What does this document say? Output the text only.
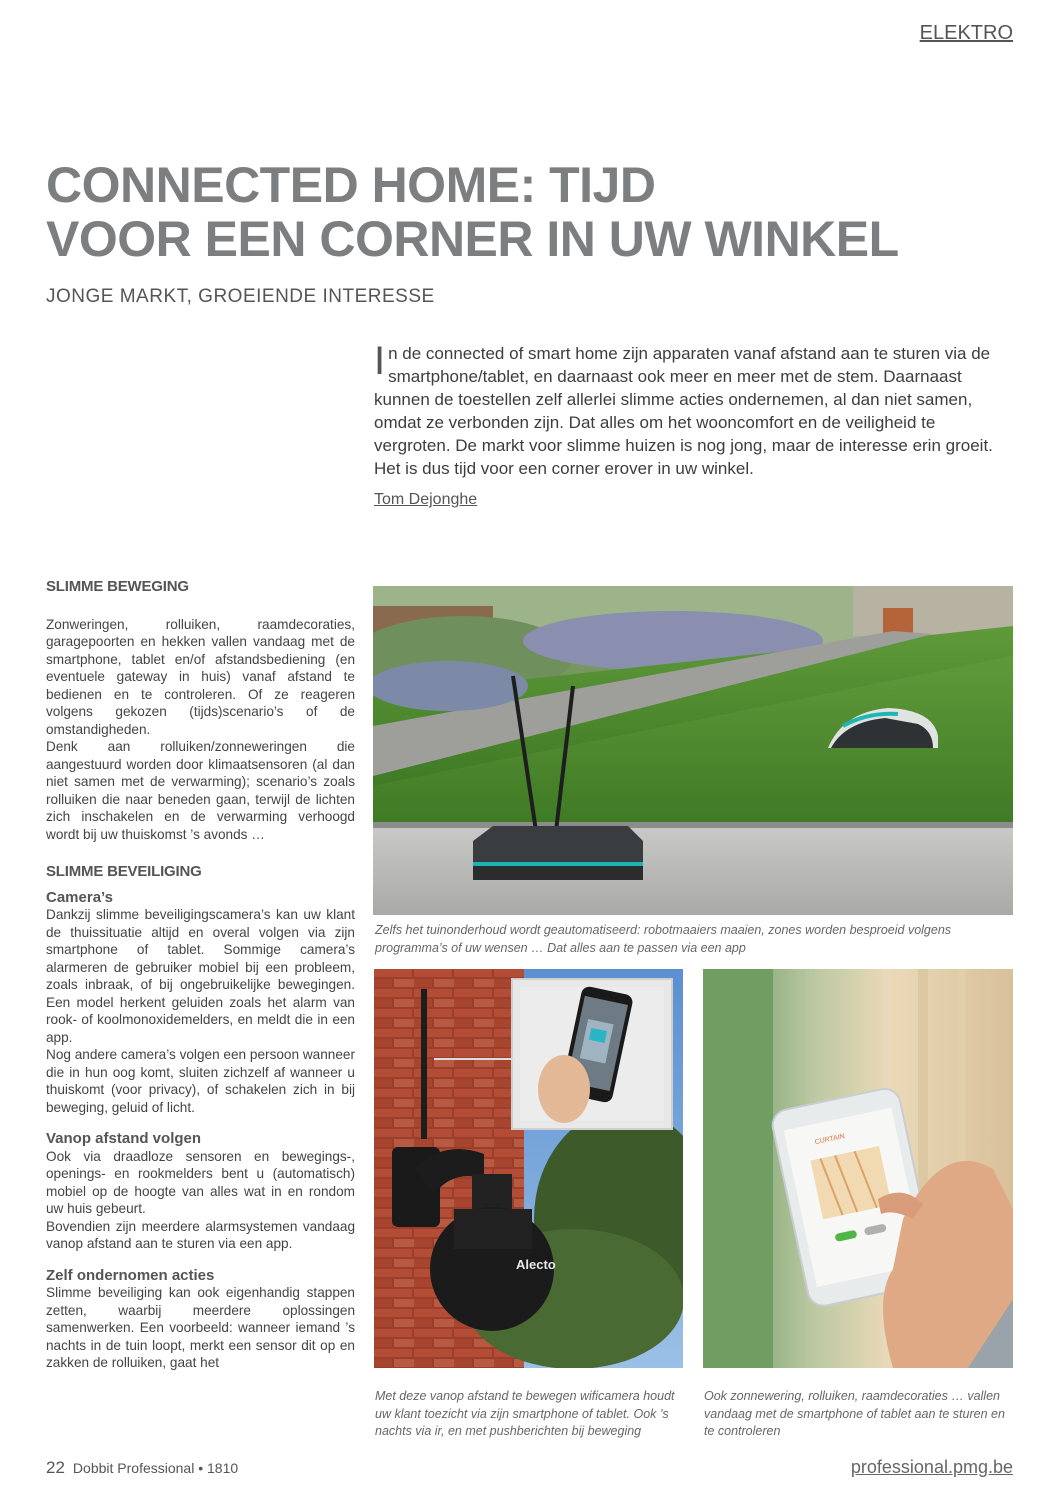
ELEKTRO
CONNECTED HOME: TIJD
VOOR EEN CORNER IN UW WINKEL
JONGE MARKT, GROEIENDE INTERESSE

In de connected of smart home zijn apparaten vanaf afstand aan te sturen via de smartphone/tablet, en daarnaast ook meer en meer met de stem. Daarnaast kunnen de toestellen zelf allerlei slimme acties ondernemen, al dan niet samen, omdat ze verbonden zijn. Dat alles om het wooncomfort en de veiligheid te vergroten. De markt voor slimme huizen is nog jong, maar de interesse erin groeit. Het is dus tijd voor een corner erover in uw winkel.

Tom Dejonghe
SLIMME BEWEGING

Zonweringen, rolluiken, raamdecoraties, garagepoorten en hekken vallen vandaag met de smartphone, tablet en/of afstandsbediening (en eventuele gateway in huis) vanaf afstand te bedienen en te controleren. Of ze reageren volgens gekozen (tijds)scenario’s of de omstandigheden.

Denk aan rolluiken/zonneweringen die aangestuurd worden door klimaatsensoren (al dan niet samen met de verwarming); scenario’s zoals rolluiken die naar beneden gaan, terwijl de lichten zich inschakelen en de verwarming verhoogd wordt bij uw thuiskomst ’s avonds …

SLIMME BEVEILIGING
Camera’s

Dankzij slimme beveiligingscamera’s kan uw klant de thuissituatie altijd en overal volgen via zijn smartphone of tablet. Sommige camera’s alarmeren de gebruiker mobiel bij een probleem, zoals inbraak, of bij ongebruikelijke bewegingen. Een model herkent geluiden zoals het alarm van rook- of koolmonoxidemelders, en meldt die in een app.

Nog andere camera’s volgen een persoon wanneer die in hun oog komt, sluiten zichzelf af wanneer u thuiskomt (voor privacy), of schakelen zich in bij beweging, geluid of licht.

Vanop afstand volgen

Ook via draadloze sensoren en bewegings-, openings- en rookmelders bent u (automatisch) mobiel op de hoogte van alles wat in en rondom uw huis gebeurt.

Bovendien zijn meerdere alarmsystemen vandaag vanop afstand aan te sturen via een app.

Zelf ondernomen acties

Slimme beveiliging kan ook eigenhandig stappen zetten, waarbij meerdere oplossingen samenwerken. Een voorbeeld: wanneer iemand ’s nachts in de tuin loopt, merkt een sensor dit op en zakken de rolluiken, gaat het

Zelfs het tuinonderhoud wordt geautomatiseerd: robotmaaiers maaien, zones worden besproeid volgens programma’s of uw wensen … Dat alles aan te passen via een app
Alecto
Met deze vanop afstand te bewegen wificamera houdt uw klant toezicht via zijn smartphone of tablet. Ook ’s nachts via ir, en met pushberichten bij beweging
CURTAIN
Ook zonnewering, rolluiken, raamdecoraties … vallen vandaag met de smartphone of tablet aan te sturen en te controleren
22 Dobbit Professional • 1810	professional.pmg.be
